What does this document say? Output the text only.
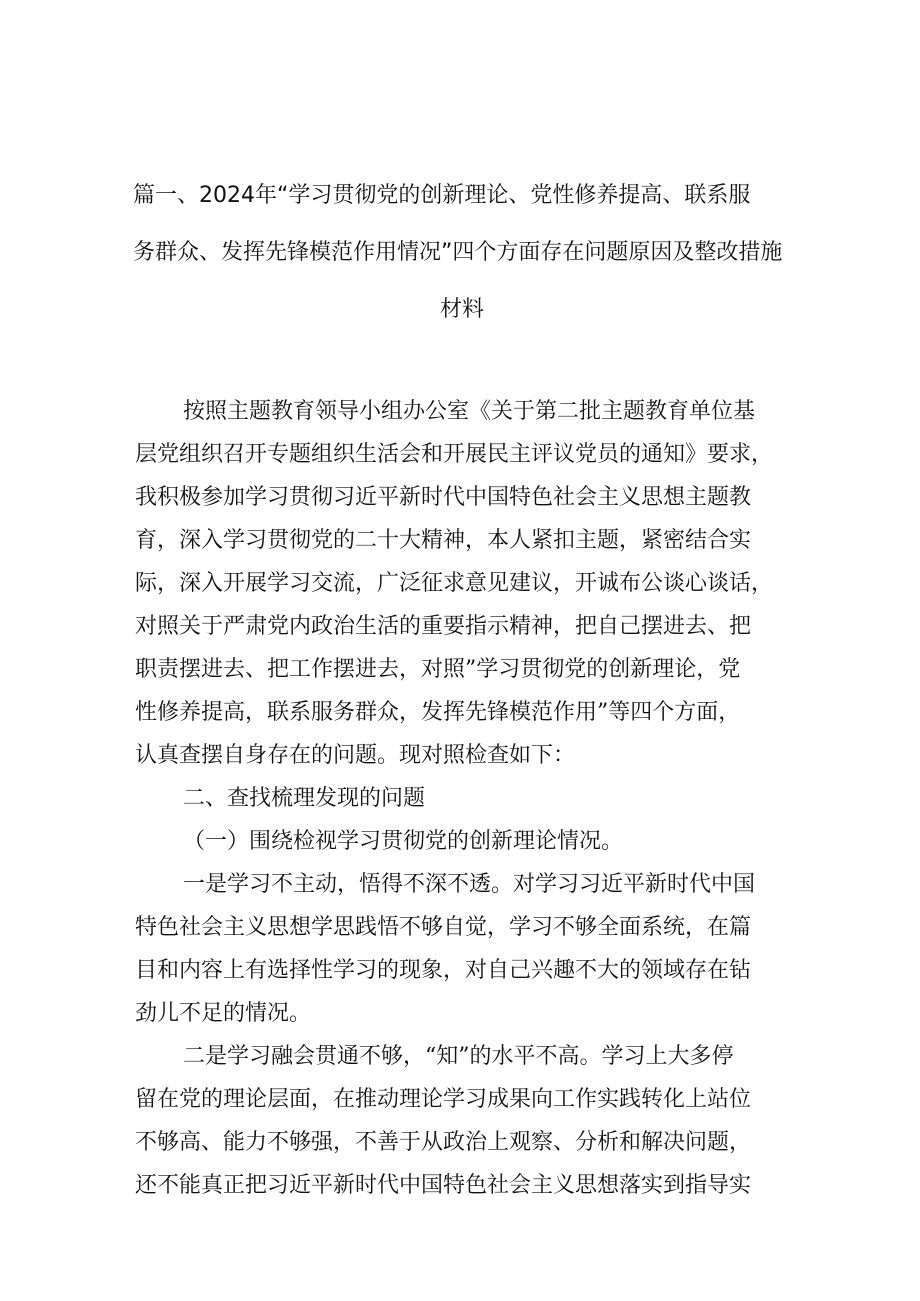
篇一、2024年“学习贯彻党的创新理论、党性修养提高、联系服
务群众、发挥先锋模范作用情况”四个方面存在问题原因及整改措施
材料
按照主题教育领导小组办公室《关于第二批主题教育单位基
层党组织召开专题组织生活会和开展民主评议党员的通知》要求，
我积极参加学习贯彻习近平新时代中国特色社会主义思想主题教
育，深入学习贯彻党的二十大精神，本人紧扣主题，紧密结合实
际，深入开展学习交流，广泛征求意见建议，开诚布公谈心谈话，
对照关于严肃党内政治生活的重要指示精神，把自己摆进去、把
职责摆进去、把工作摆进去，对照”学习贯彻党的创新理论，党
性修养提高，联系服务群众，发挥先锋模范作用”等四个方面，
认真查摆自身存在的问题。现对照检查如下：
二、查找梳理发现的问题
（一）围绕检视学习贯彻党的创新理论情况。
一是学习不主动，悟得不深不透。对学习习近平新时代中国
特色社会主义思想学思践悟不够自觉，学习不够全面系统，在篇
目和内容上有选择性学习的现象，对自己兴趣不大的领域存在钻
劲儿不足的情况。
二是学习融会贯通不够，“知”的水平不高。学习上大多停
留在党的理论层面，在推动理论学习成果向工作实践转化上站位
不够高、能力不够强，不善于从政治上观察、分析和解决问题，
还不能真正把习近平新时代中国特色社会主义思想落实到指导实
